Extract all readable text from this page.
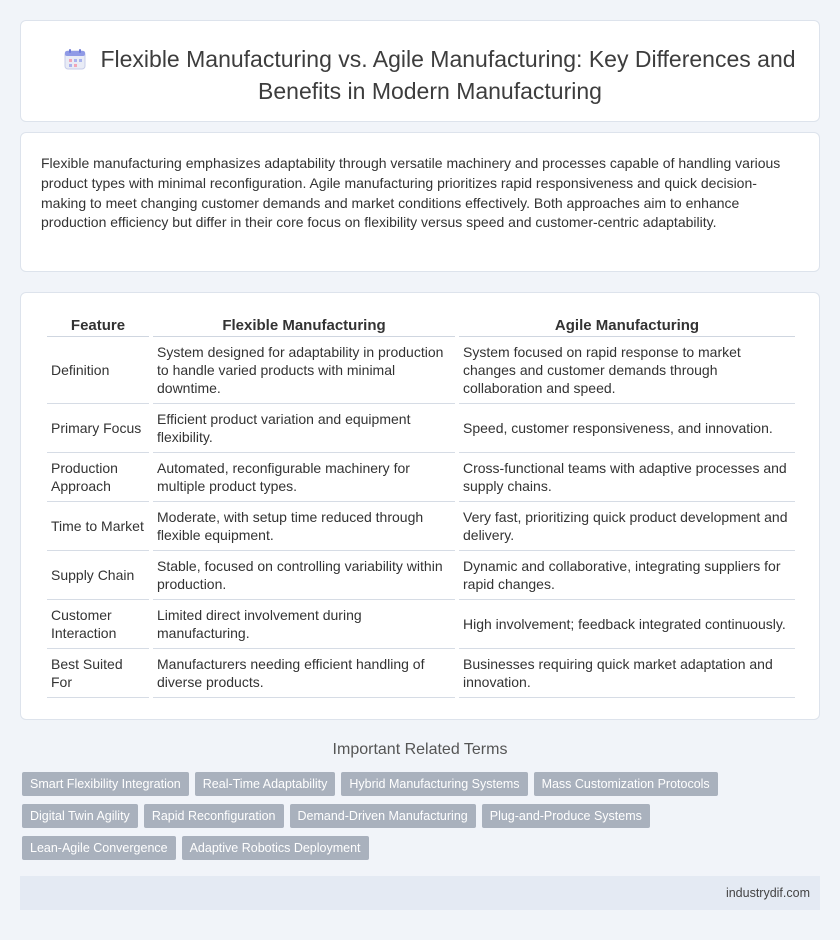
Flexible Manufacturing vs. Agile Manufacturing: Key Differences and Benefits in Modern Manufacturing

Flexible manufacturing emphasizes adaptability through versatile machinery and processes capable of handling various product types with minimal reconfiguration. Agile manufacturing prioritizes rapid responsiveness and quick decision-making to meet changing customer demands and market conditions effectively. Both approaches aim to enhance production efficiency but differ in their core focus on flexibility versus speed and customer-centric adaptability.

Feature	Flexible Manufacturing	Agile Manufacturing
Definition	System designed for adaptability in production to handle varied products with minimal downtime.	System focused on rapid response to market changes and customer demands through collaboration and speed.
Primary Focus	Efficient product variation and equipment flexibility.	Speed, customer responsiveness, and innovation.
Production Approach	Automated, reconfigurable machinery for multiple product types.	Cross-functional teams with adaptive processes and supply chains.
Time to Market	Moderate, with setup time reduced through flexible equipment.	Very fast, prioritizing quick product development and delivery.
Supply Chain	Stable, focused on controlling variability within production.	Dynamic and collaborative, integrating suppliers for rapid changes.
Customer Interaction	Limited direct involvement during manufacturing.	High involvement; feedback integrated continuously.
Best Suited For	Manufacturers needing efficient handling of diverse products.	Businesses requiring quick market adaptation and innovation.
Important Related Terms
Smart Flexibility Integration	Real-Time Adaptability	Hybrid Manufacturing Systems	Mass Customization Protocols
Digital Twin Agility	Rapid Reconfiguration	Demand-Driven Manufacturing	Plug-and-Produce Systems
Lean-Agile Convergence	Adaptive Robotics Deployment
industrydif.com
